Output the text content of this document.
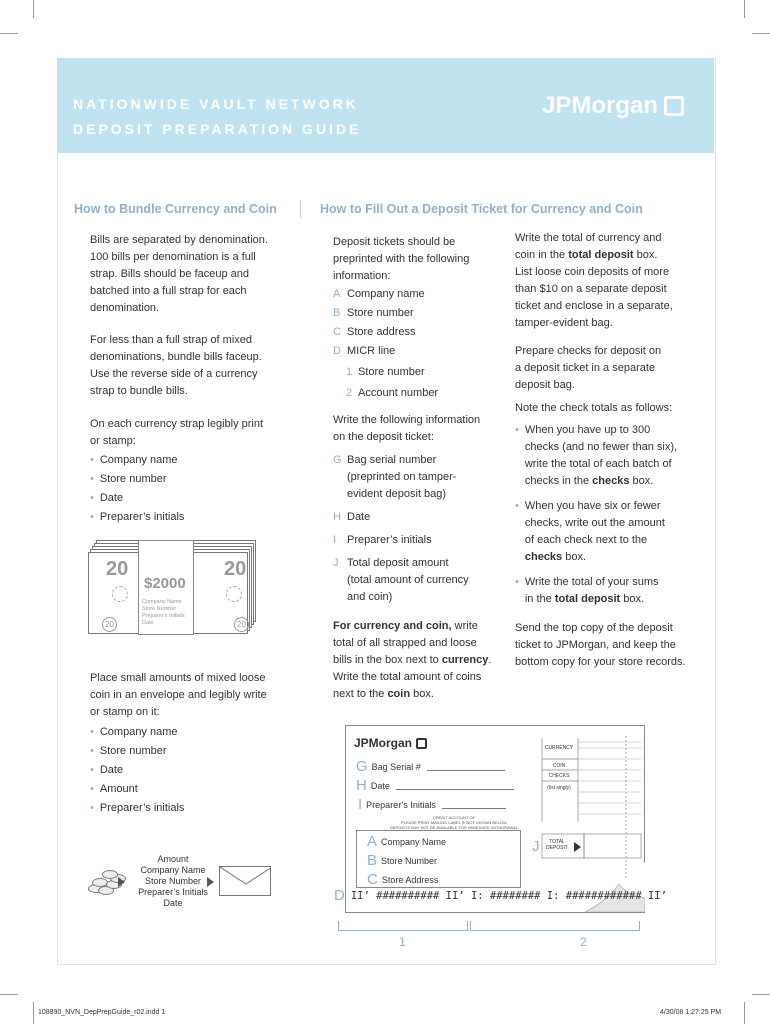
NATIONWIDE VAULT NETWORK
DEPOSIT PREPARATION GUIDE
JPMorgan
How to Bundle Currency and Coin
Bills are separated by denomination.
100 bills per denomination is a full
strap. Bills should be faceup and
batched into a full strap for each
denomination.
For less than a full strap of mixed
denominations, bundle bills faceup.
Use the reverse side of a currency
strap to bundle bills.
On each currency strap legibly print
or stamp:
• Company name
• Store number
• Date
• Preparer’s initials
20	20
20	20
$2000
Company Name
Store Number
Preparer’s Initials
Date
Place small amounts of mixed loose
coin in an envelope and legibly write
or stamp on it:
• Company name
• Store number
• Date
• Amount
• Preparer’s initials
Amount
Company Name
Store Number
Preparer’s Initials
Date
How to Fill Out a Deposit Ticket for Currency and Coin
Deposit tickets should be
preprinted with the following
information:
A Company name
B Store number
C Store address
D MICR line
1 Store number
2 Account number
Write the following information
on the deposit ticket:
G Bag serial number
(preprinted on tamper-
evident deposit bag)
H Date
I Preparer’s initials
J Total deposit amount
(total amount of currency
and coin)
For currency and coin, write
total of all strapped and loose
bills in the box next to currency.
Write the total amount of coins
next to the coin box.
Write the total of currency and
coin in the total deposit box.
List loose coin deposits of more
than $10 on a separate deposit
ticket and enclose in a separate,
tamper-evident bag.
Prepare checks for deposit on
a deposit ticket in a separate
deposit bag.
Note the check totals as follows:
• When you have up to 300
checks (and no fewer than six),
write the total of each batch of
checks in the checks box.
• When you have six or fewer
checks, write out the amount
of each check next to the
checks box.
• Write the total of your sums
in the total deposit box.
Send the top copy of the deposit
ticket to JPMorgan, and keep the
bottom copy for your store records.
JPMorgan
G Bag Serial #
H Date
I Preparer’s Initials
CREDIT ACCOUNT OF
PLEASE PRINT MAILING LABEL IF NOT SHOWN BELOW
DEPOSITS MAY NOT BE AVAILABLE FOR IMMEDIATE WITHDRAWAL
A Company Name
B Store Number
C Store Address
J
CURRENCY
COIN
CHECKS
(list singly)
TOTAL
DEPOSIT
D II’ ########## II’ I: ######## I: ############ II’
1	2
108890_NVN_DepPrepGuide_r02.indd 1	4/30/08 1:27:25 PM
